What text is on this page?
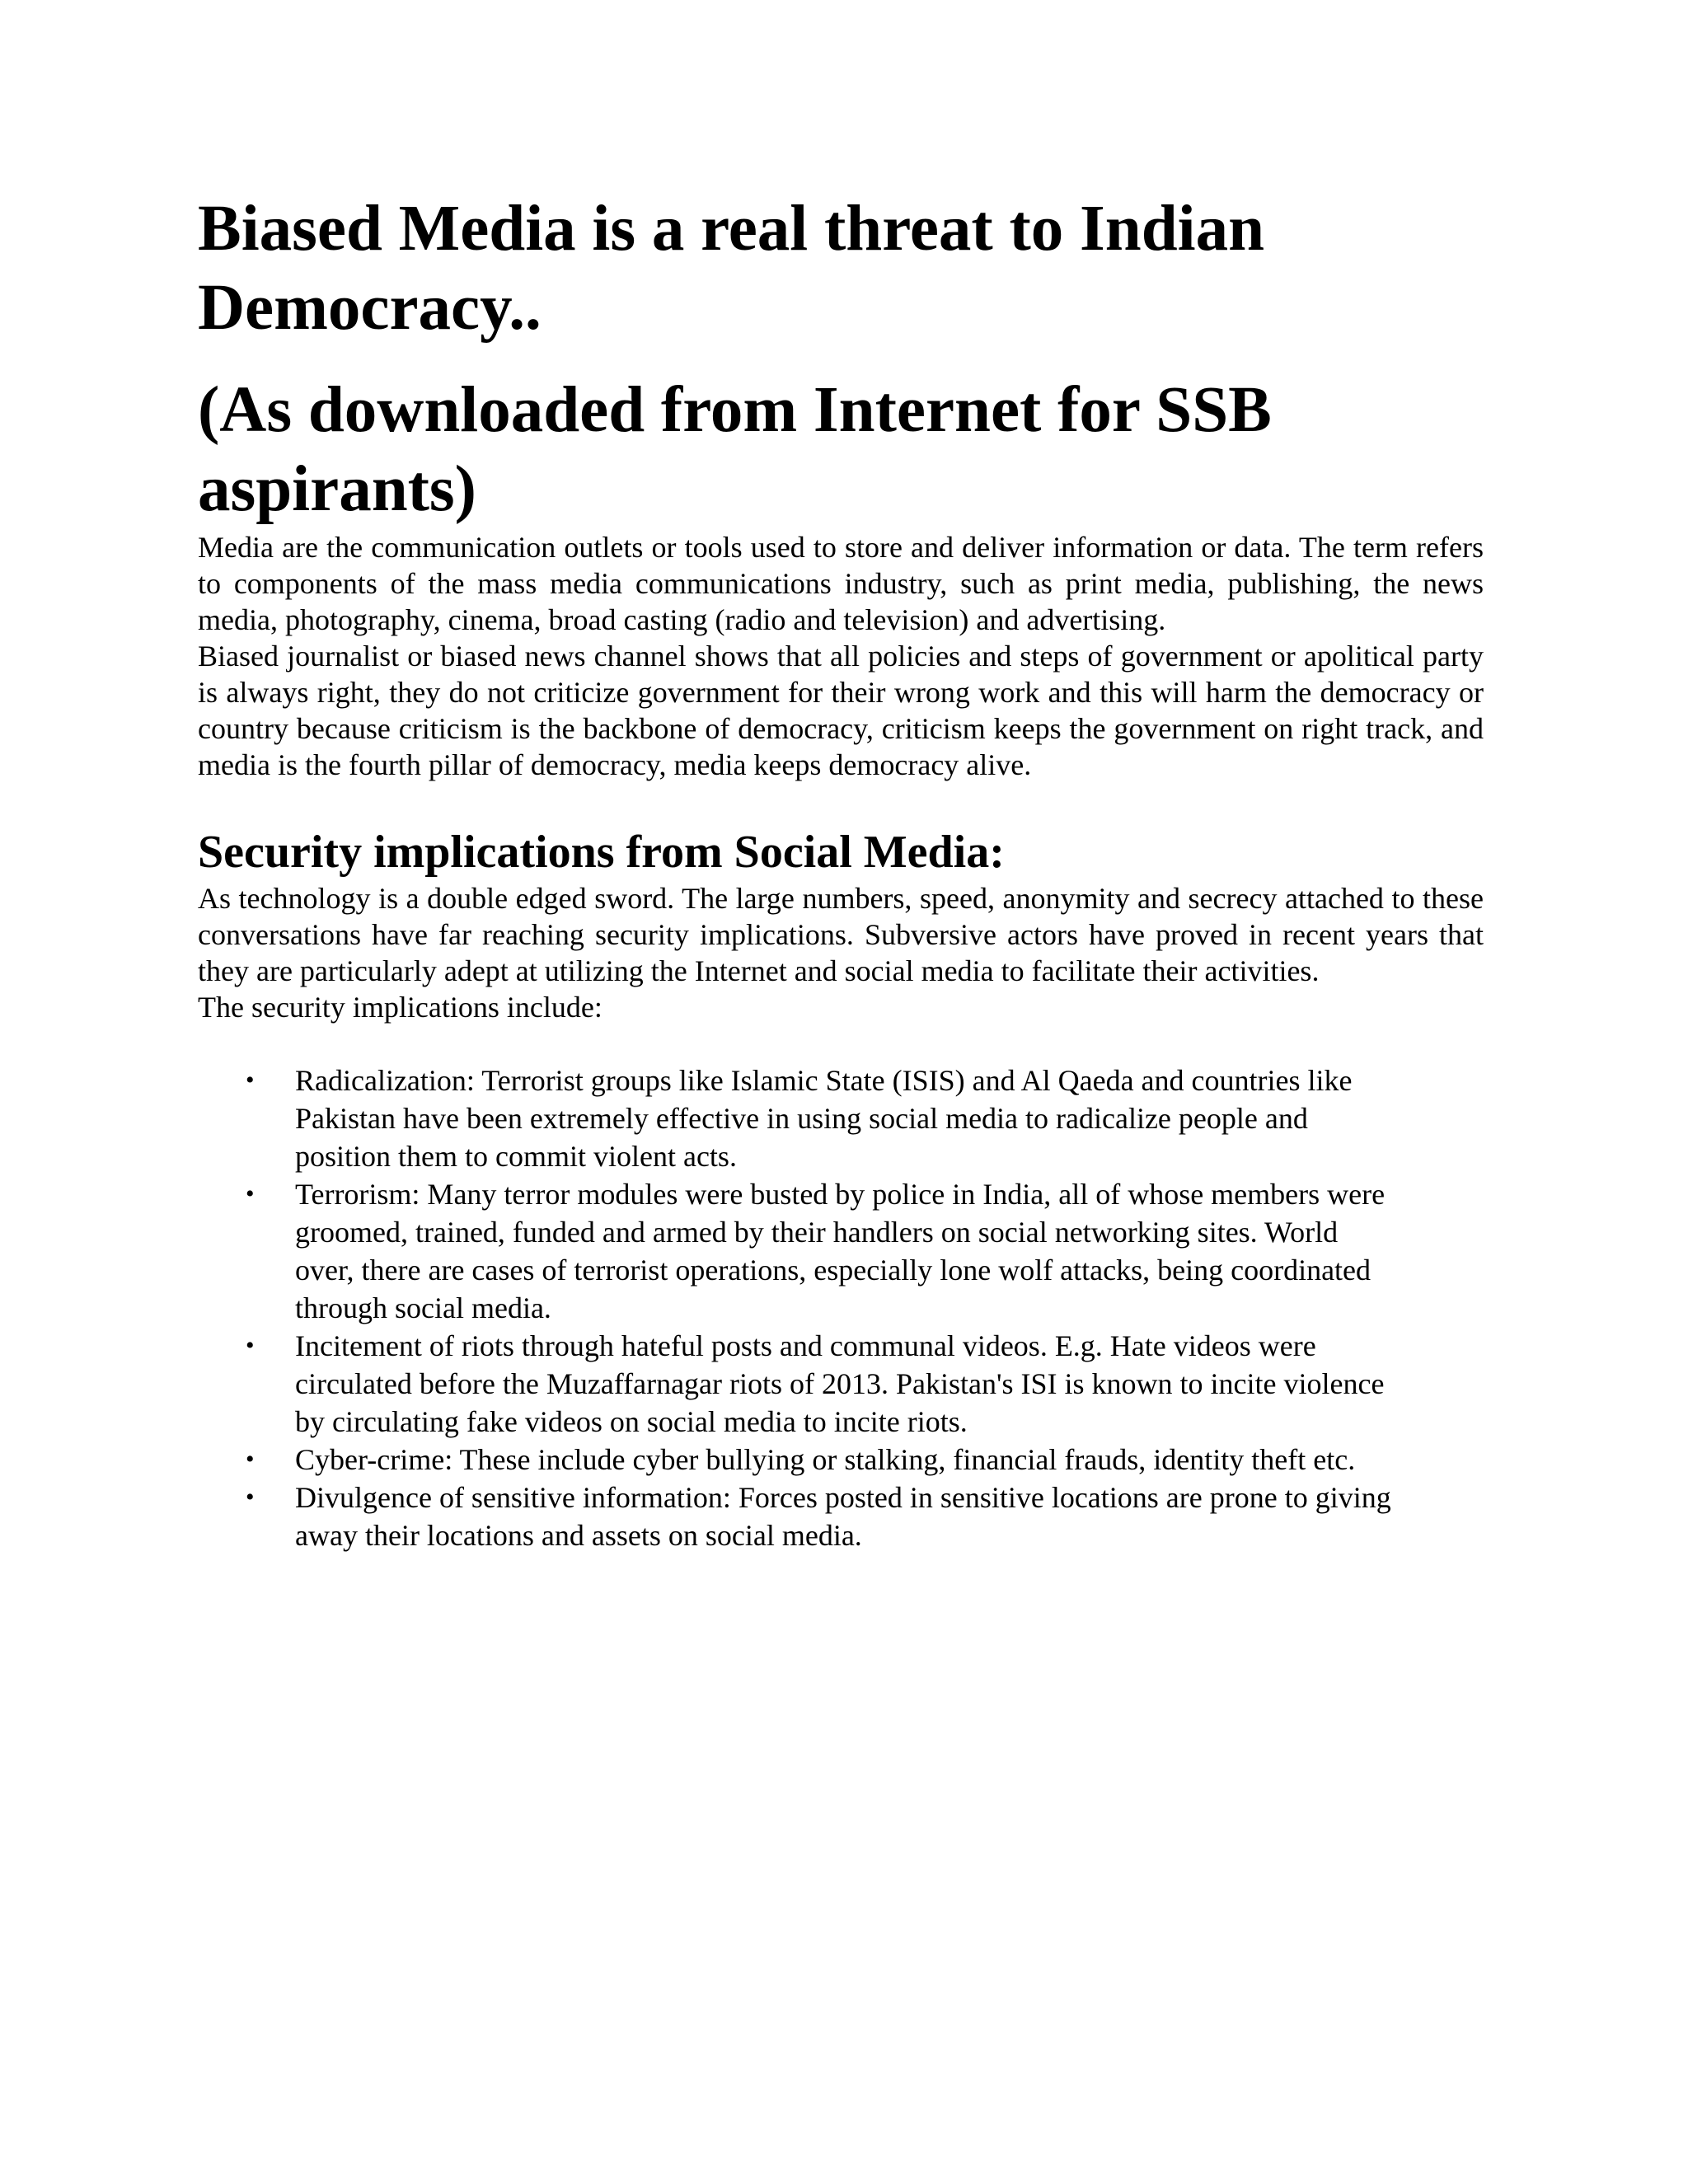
Biased Media is a real threat to Indian Democracy..
(As downloaded from Internet for SSB aspirants)

Media are the communication outlets or tools used to store and deliver information or data. The term refers to components of the mass media communications industry, such as print media, publishing, the news media, photography, cinema, broad casting (radio and television) and advertising.

Biased journalist or biased news channel shows that all policies and steps of government or apolitical party is always right, they do not criticize government for their wrong work and this will harm the democracy or country because criticism is the backbone of democracy, criticism keeps the government on right track, and media is the fourth pillar of democracy, media keeps democracy alive.

Security implications from Social Media:

As technology is a double edged sword. The large numbers, speed, anonymity and secrecy attached to these conversations have far reaching security implications. Subversive actors have proved in recent years that they are particularly adept at utilizing the Internet and social media to facilitate their activities.

The security implications include:

• Radicalization: Terrorist groups like Islamic State (ISIS) and Al Qaeda and countries like Pakistan have been extremely effective in using social media to radicalize people and position them to commit violent acts.
• Terrorism: Many terror modules were busted by police in India, all of whose members were groomed, trained, funded and armed by their handlers on social networking sites. World over, there are cases of terrorist operations, especially lone wolf attacks, being coordinated through social media.
• Incitement of riots through hateful posts and communal videos. E.g. Hate videos were circulated before the Muzaffarnagar riots of 2013. Pakistan's ISI is known to incite violence by circulating fake videos on social media to incite riots.
• Cyber-crime: These include cyber bullying or stalking, financial frauds, identity theft etc.
• Divulgence of sensitive information: Forces posted in sensitive locations are prone to giving away their locations and assets on social media.
